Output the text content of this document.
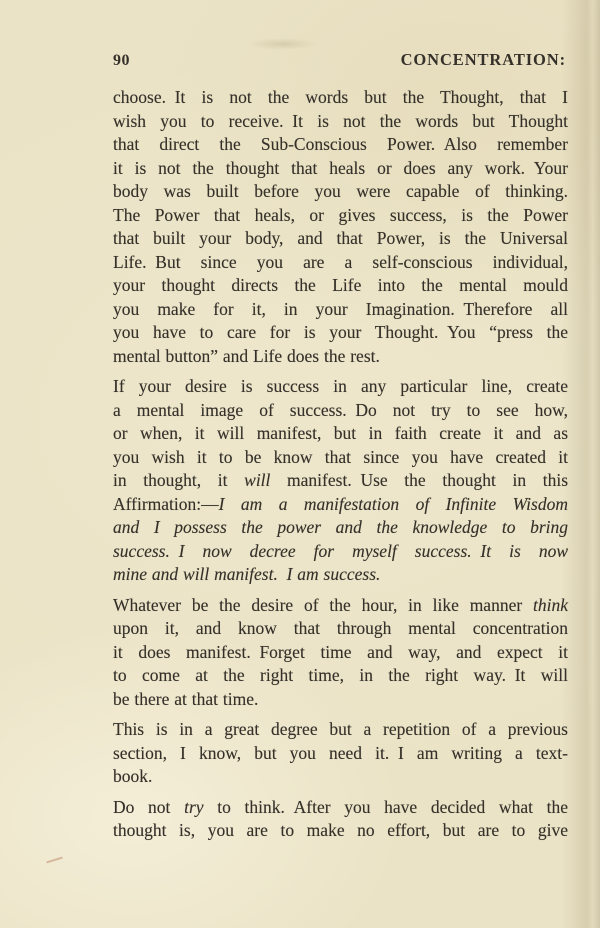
90	CONCENTRATION:
choose. It is not the words but the Thought, that I
wish you to receive. It is not the words but Thought
that direct the Sub-Conscious Power. Also remember
it is not the thought that heals or does any work. Your
body was built before you were capable of thinking.
The Power that heals, or gives success, is the Power
that built your body, and that Power, is the Universal
Life. But since you are a self-conscious individual,
your thought directs the Life into the mental mould
you make for it, in your Imagination. Therefore all
you have to care for is your Thought. You “press the
mental button” and Life does the rest.
If your desire is success in any particular line, create
a mental image of success. Do not try to see how,
or when, it will manifest, but in faith create it and as
you wish it to be know that since you have created it
in thought, it will manifest. Use the thought in this
Affirmation:—I am a manifestation of Infinite Wisdom
and I possess the power and the knowledge to bring
success. I now decree for myself success. It is now
mine and will manifest. I am success.
Whatever be the desire of the hour, in like manner think
upon it, and know that through mental concentration
it does manifest. Forget time and way, and expect it
to come at the right time, in the right way. It will
be there at that time.
This is in a great degree but a repetition of a previous
section, I know, but you need it. I am writing a text-
book.
Do not try to think. After you have decided what the
thought is, you are to make no effort, but are to give
